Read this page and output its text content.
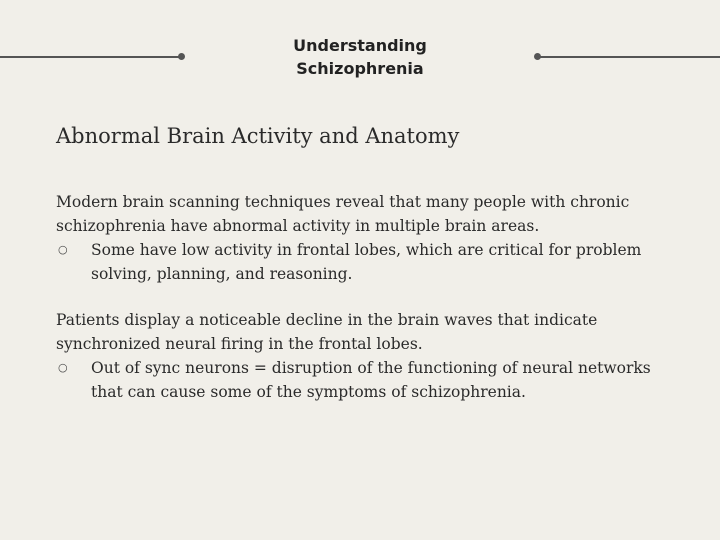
Understanding Schizophrenia
Abnormal Brain Activity and Anatomy

Modern brain scanning techniques reveal that many people with chronic schizophrenia have abnormal activity in multiple brain areas.

○ Some have low activity in frontal lobes, which are critical for problem solving, planning, and reasoning.

Patients display a noticeable decline in the brain waves that indicate synchronized neural firing in the frontal lobes.

○ Out of sync neurons = disruption of the functioning of neural networks that can cause some of the symptoms of schizophrenia.
